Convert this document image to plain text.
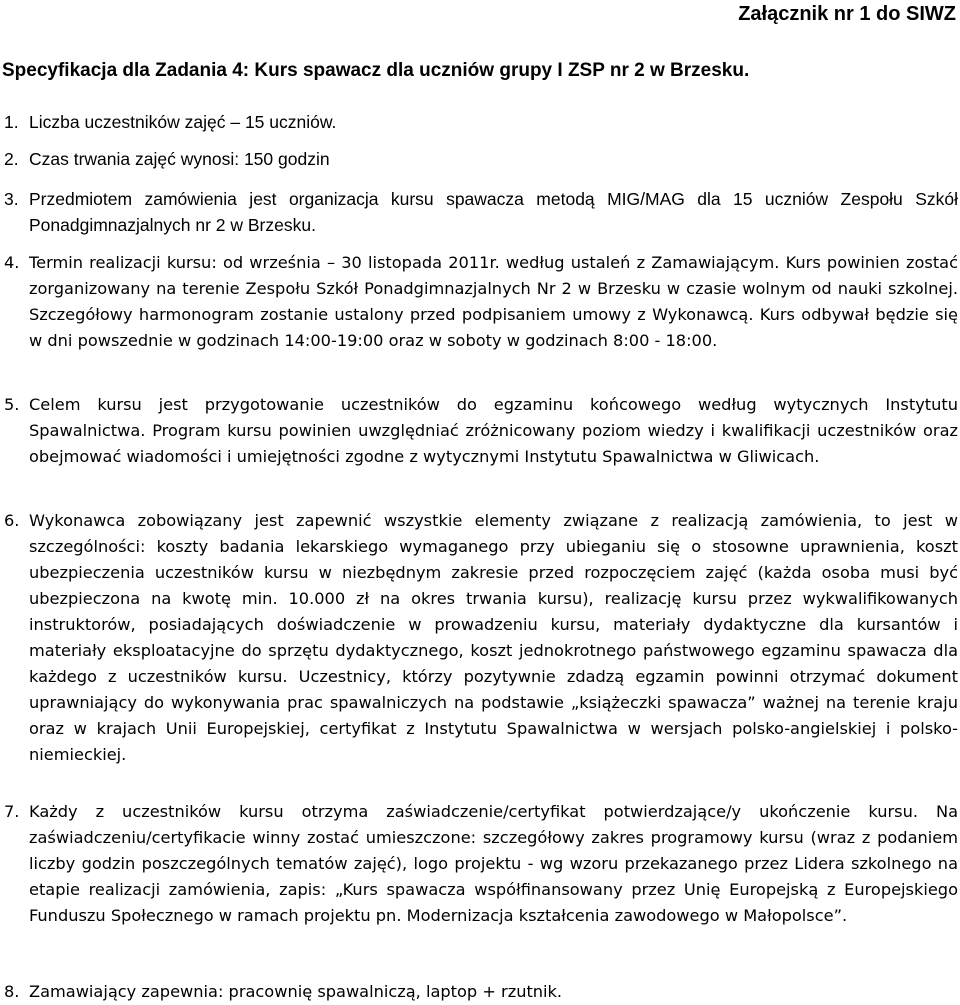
Załącznik nr 1 do SIWZ
Specyfikacja dla Zadania 4: Kurs spawacz dla uczniów grupy I ZSP nr 2 w Brzesku.
1. Liczba uczestników zajęć – 15 uczniów.
2. Czas trwania zajęć wynosi: 150 godzin
3. Przedmiotem zamówienia jest organizacja kursu spawacza metodą MIG/MAG dla 15 uczniów Zespołu Szkół Ponadgimnazjalnych nr 2 w Brzesku.
4. Termin realizacji kursu: od września – 30 listopada 2011r. według ustaleń z Zamawiającym. Kurs powinien zostać zorganizowany na terenie Zespołu Szkół Ponadgimnazjalnych Nr 2 w Brzesku w czasie wolnym od nauki szkolnej. Szczegółowy harmonogram zostanie ustalony przed podpisaniem umowy z Wykonawcą. Kurs odbywał będzie się w dni powszednie w godzinach 14:00-19:00 oraz w soboty w godzinach 8:00 - 18:00.
5. Celem kursu jest przygotowanie uczestników do egzaminu końcowego według wytycznych Instytutu Spawalnictwa. Program kursu powinien uwzględniać zróżnicowany poziom wiedzy i kwalifikacji uczestników oraz obejmować wiadomości i umiejętności zgodne z wytycznymi Instytutu Spawalnictwa w Gliwicach.
6. Wykonawca zobowiązany jest zapewnić wszystkie elementy związane z realizacją zamówienia, to jest w szczególności: koszty badania lekarskiego wymaganego przy ubieganiu się o stosowne uprawnienia, koszt ubezpieczenia uczestników kursu w niezbędnym zakresie przed rozpoczęciem zajęć (każda osoba musi być ubezpieczona na kwotę min. 10.000 zł na okres trwania kursu), realizację kursu przez wykwalifikowanych instruktorów, posiadających doświadczenie w prowadzeniu kursu, materiały dydaktyczne dla kursantów i materiały eksploatacyjne do sprzętu dydaktycznego, koszt jednokrotnego państwowego egzaminu spawacza dla każdego z uczestników kursu. Uczestnicy, którzy pozytywnie zdadzą egzamin powinni otrzymać dokument uprawniający do wykonywania prac spawalniczych na podstawie „książeczki spawacza” ważnej na terenie kraju oraz w krajach Unii Europejskiej, certyfikat z Instytutu Spawalnictwa w wersjach polsko-angielskiej i polsko-niemieckiej.
7. Każdy z uczestników kursu otrzyma zaświadczenie/certyfikat potwierdzające/y ukończenie kursu. Na zaświadczeniu/certyfikacie winny zostać umieszczone: szczegółowy zakres programowy kursu (wraz z podaniem liczby godzin poszczególnych tematów zajęć), logo projektu - wg wzoru przekazanego przez Lidera szkolnego na etapie realizacji zamówienia, zapis: „Kurs spawacza współfinansowany przez Unię Europejską z Europejskiego Funduszu Społecznego w ramach projektu pn. Modernizacja kształcenia zawodowego w Małopolsce”.
8. Zamawiający zapewnia: pracownię spawalniczą, laptop + rzutnik.
